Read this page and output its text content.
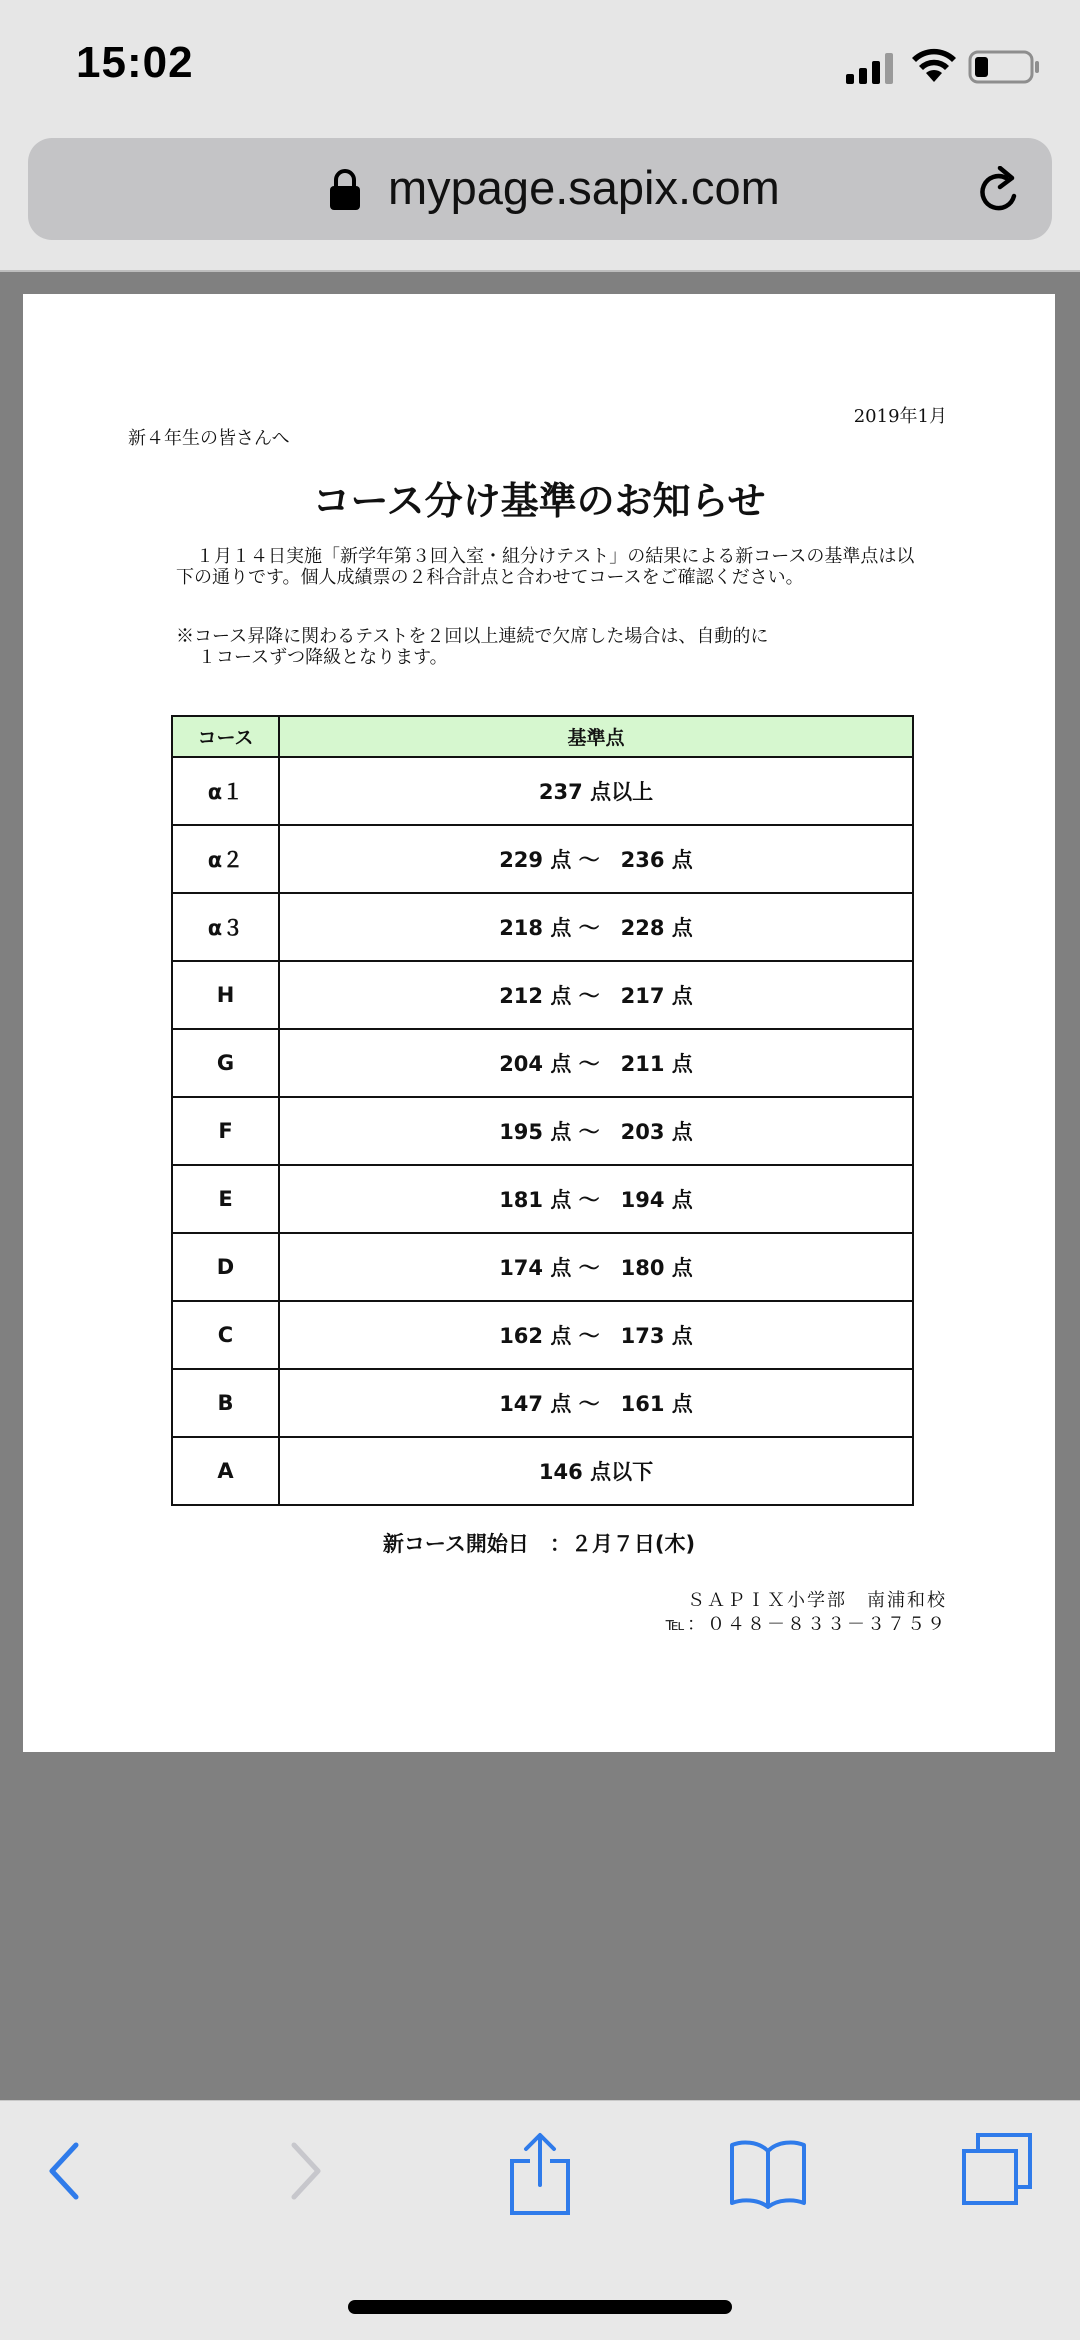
15:02
mypage.sapix.com
2019年1月
新４年生の皆さんへ
コース分け基準のお知らせ
１月１４日実施「新学年第３回入室・組分けテスト」の結果による新コースの基準点は以下の通りです。個人成績票の２科合計点と合わせてコースをご確認ください。
※コース昇降に関わるテストを２回以上連続で欠席した場合は、自動的に
１コースずつ降級となります。
コース	基準点
α１	237 点以上
α２	229 点 ～　236 点
α３	218 点 ～　228 点
H	212 点 ～　217 点
G	204 点 ～　211 点
F	195 点 ～　203 点
E	181 点 ～　194 点
D	174 点 ～　180 点
C	162 点 ～　173 点
B	147 点 ～　161 点
A	146 点以下
新コース開始日　：２月７日(木)
ＳＡＰＩＸ小学部　南浦和校
℡：０４８－８３３－３７５９
